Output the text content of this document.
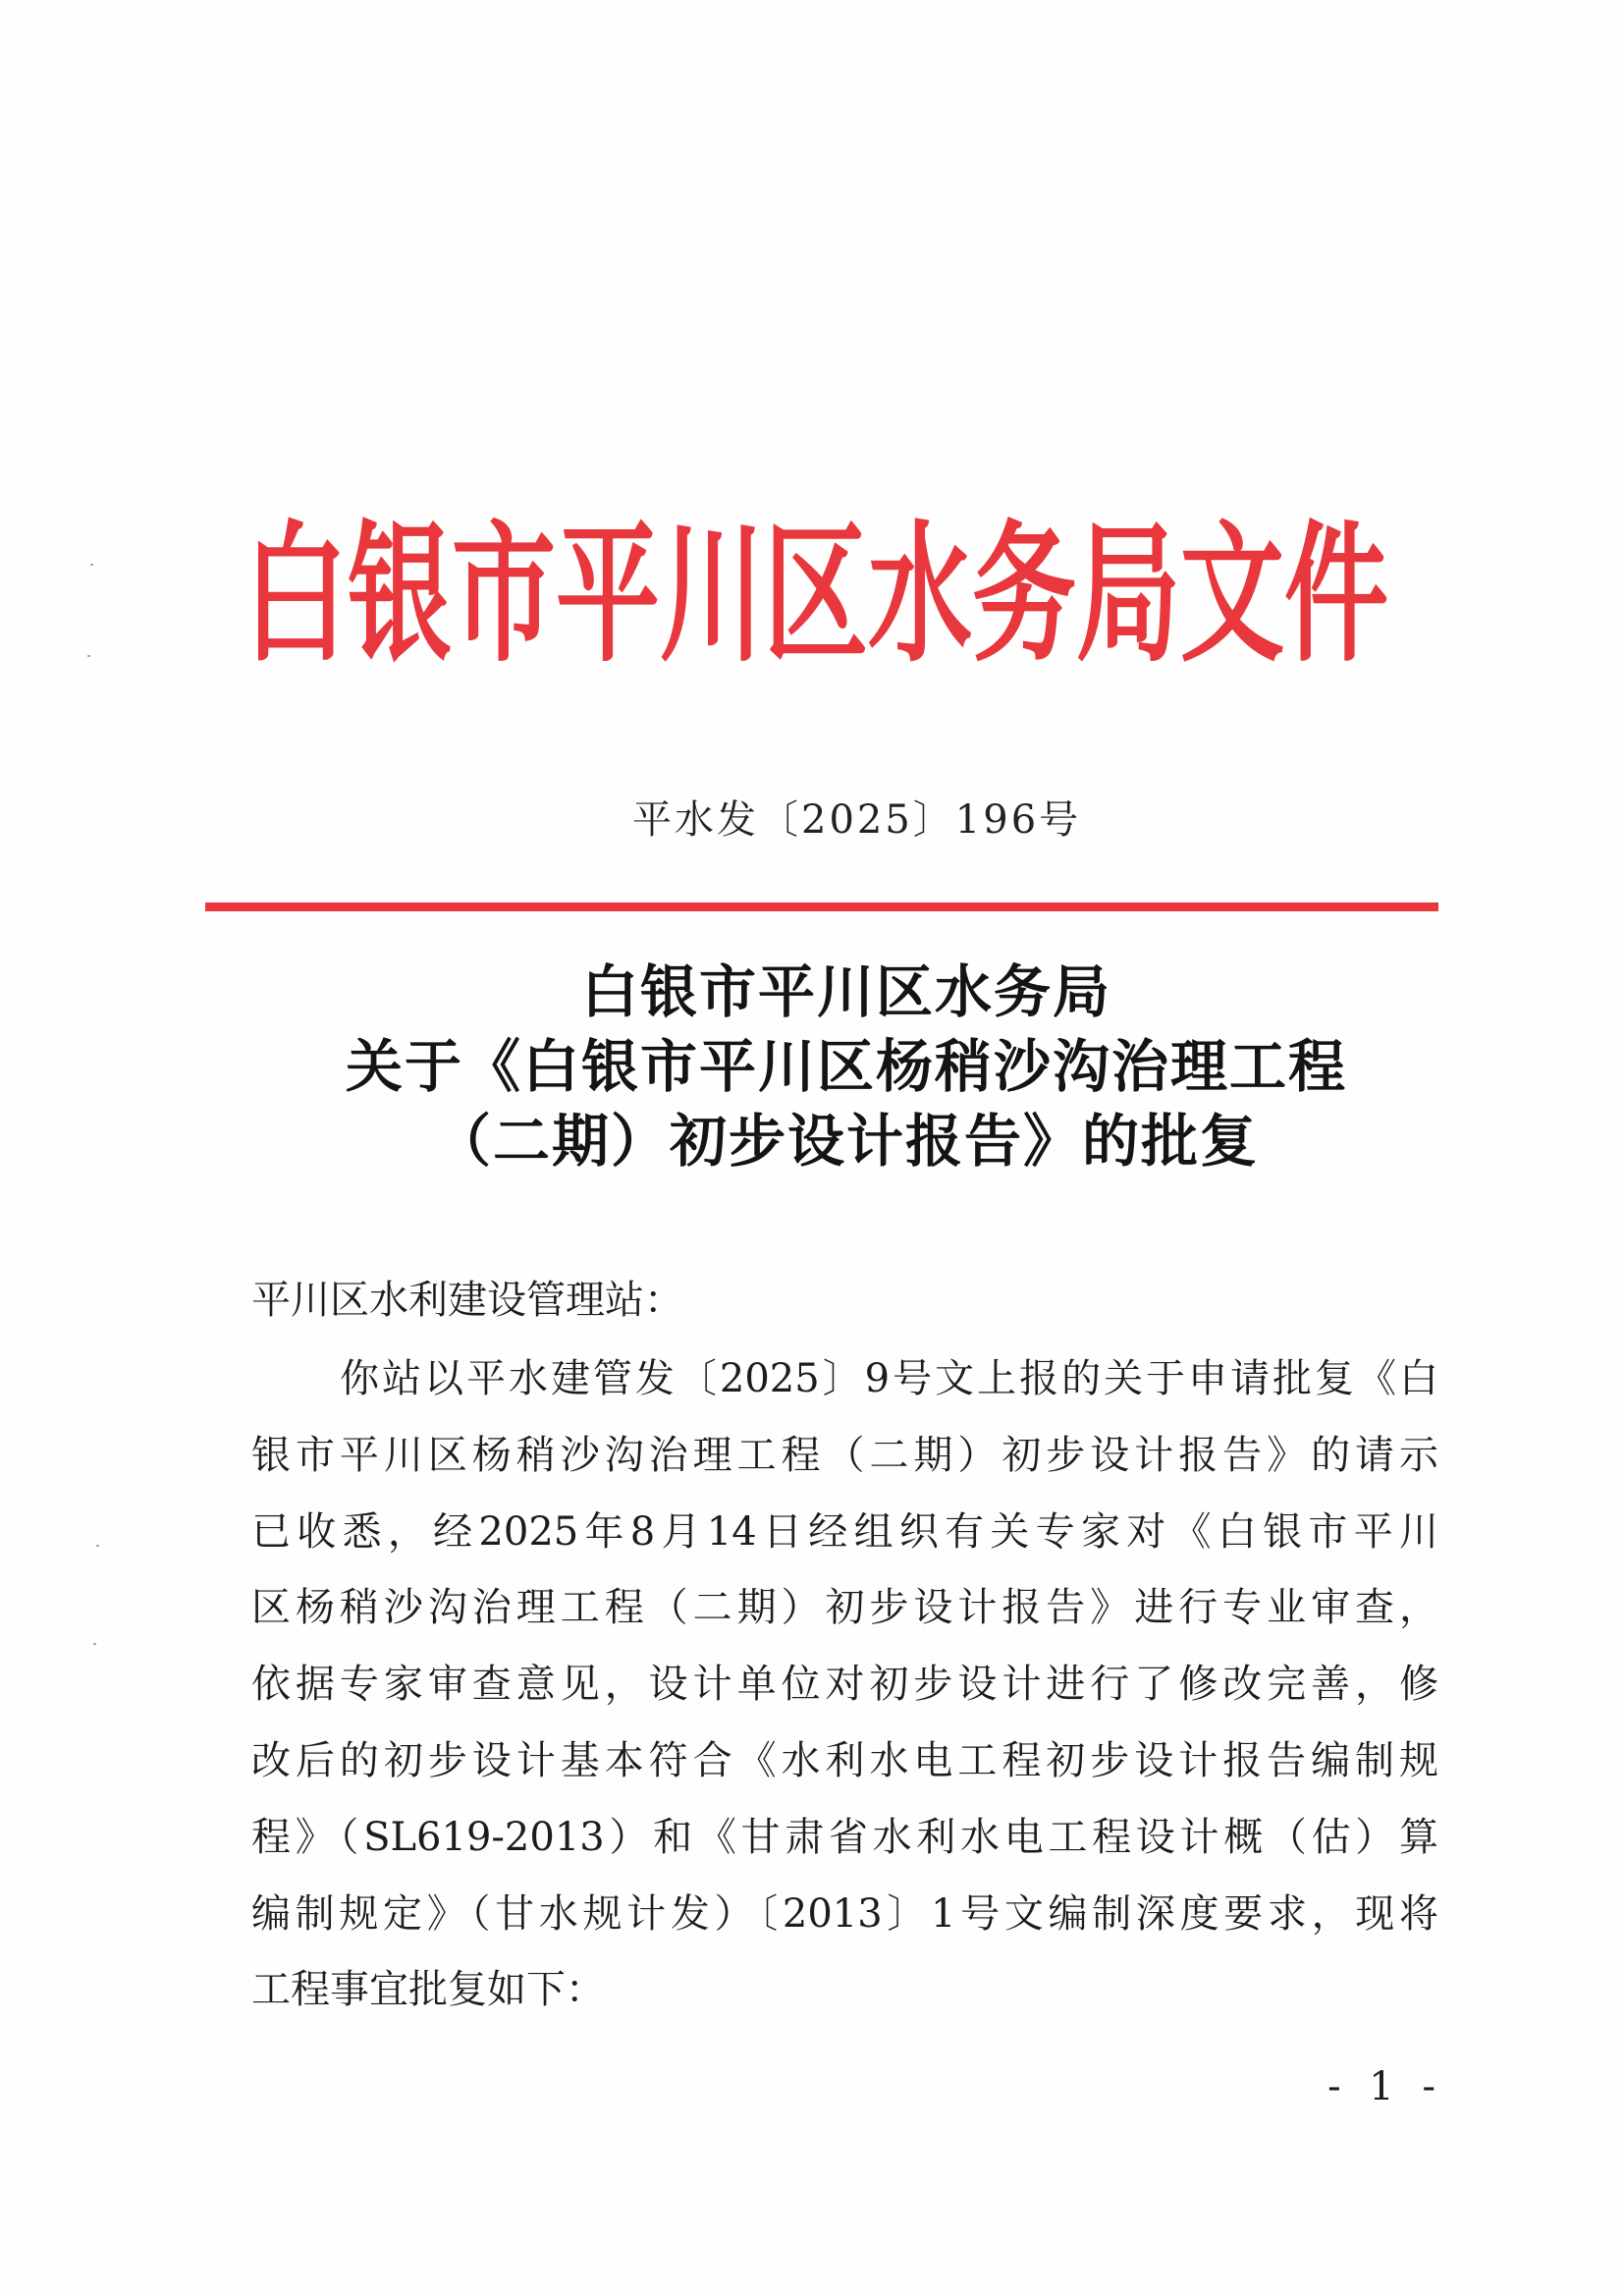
白银市平川区水务局文件
平水发〔2025〕196号
白银市平川区水务局
关于《白银市平川区杨稍沙沟治理工程
（二期）初步设计报告》的批复
平川区水利建设管理站：
你站以平水建管发〔2025〕9号文上报的关于申请批复《白
银市平川区杨稍沙沟治理工程（二期）初步设计报告》的请示
已收悉，经2025年8月14日经组织有关专家对《白银市平川
区杨稍沙沟治理工程（二期）初步设计报告》进行专业审查，
依据专家审查意见，设计单位对初步设计进行了修改完善，修
改后的初步设计基本符合《水利水电工程初步设计报告编制规
程》（SL619-2013）和《甘肃省水利水电工程设计概（估）算
编制规定》（甘水规计发）〔2013〕1号文编制深度要求，现将
工程事宜批复如下：
- 1 -
